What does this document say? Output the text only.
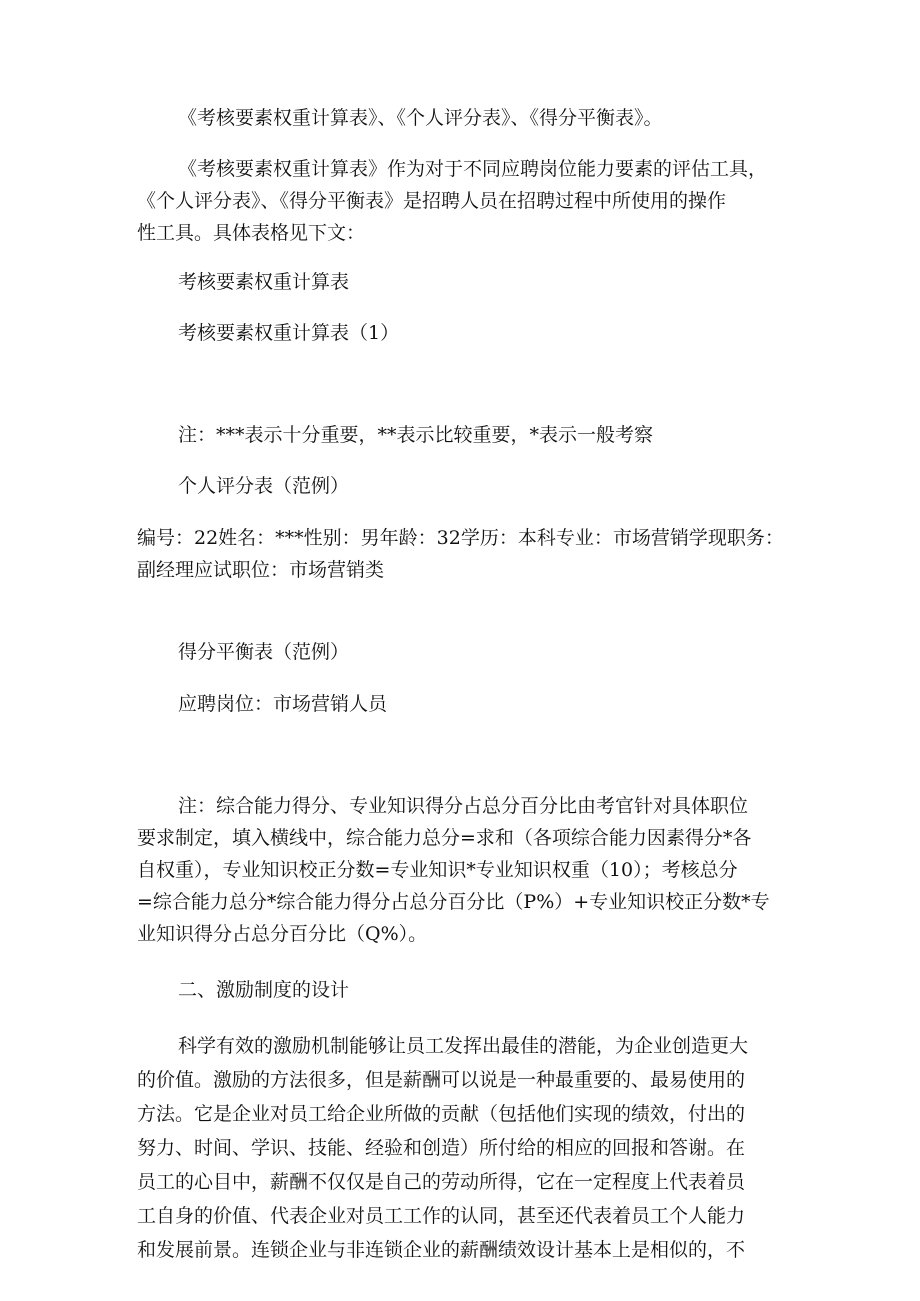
《考核要素权重计算表》、《个人评分表》、《得分平衡表》。
《考核要素权重计算表》作为对于不同应聘岗位能力要素的评估工具，
《个人评分表》、《得分平衡表》是招聘人员在招聘过程中所使用的操作
性工具。具体表格见下文：
考核要素权重计算表
考核要素权重计算表（1）
注：***表示十分重要，**表示比较重要，*表示一般考察
个人评分表（范例）
编号：22姓名：***性别：男年龄：32学历：本科专业：市场营销学现职务：
副经理应试职位：市场营销类
得分平衡表（范例）
应聘岗位：市场营销人员
注：综合能力得分、专业知识得分占总分百分比由考官针对具体职位
要求制定，填入横线中，综合能力总分=求和（各项综合能力因素得分*各
自权重），专业知识校正分数=专业知识*专业知识权重（10）；考核总分
=综合能力总分*综合能力得分占总分百分比（P%）+专业知识校正分数*专
业知识得分占总分百分比（Q%）。
二、激励制度的设计
科学有效的激励机制能够让员工发挥出最佳的潜能，为企业创造更大
的价值。激励的方法很多，但是薪酬可以说是一种最重要的、最易使用的
方法。它是企业对员工给企业所做的贡献（包括他们实现的绩效，付出的
努力、时间、学识、技能、经验和创造）所付给的相应的回报和答谢。在
员工的心目中，薪酬不仅仅是自己的劳动所得，它在一定程度上代表着员
工自身的价值、代表企业对员工工作的认同，甚至还代表着员工个人能力
和发展前景。连锁企业与非连锁企业的薪酬绩效设计基本上是相似的，不
